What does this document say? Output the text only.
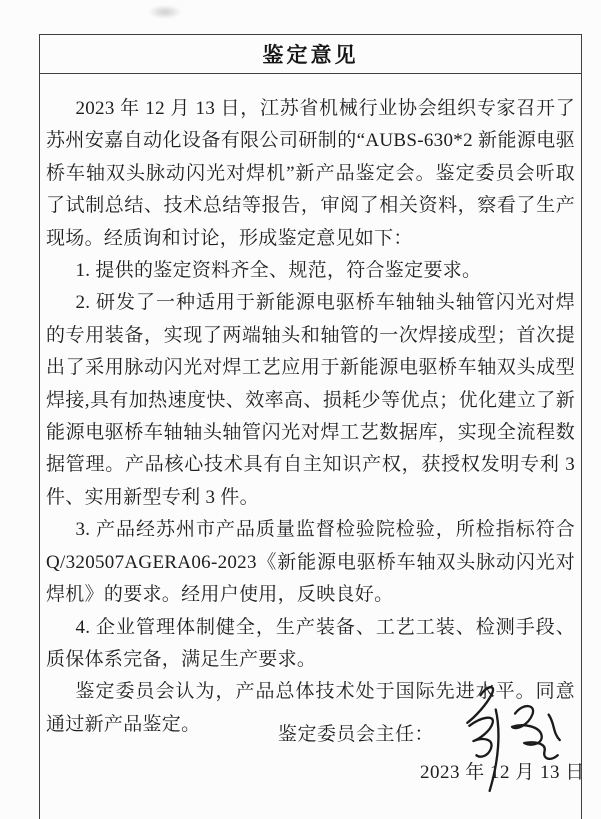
鉴定意见

2023 年 12 月 13 日，江苏省机械行业协会组织专家召开了苏州安嘉自动化设备有限公司研制的“AUBS-630*2 新能源电驱桥车轴双头脉动闪光对焊机”新产品鉴定会。鉴定委员会听取了试制总结、技术总结等报告，审阅了相关资料，察看了生产现场。经质询和讨论，形成鉴定意见如下：

1. 提供的鉴定资料齐全、规范，符合鉴定要求。

2. 研发了一种适用于新能源电驱桥车轴轴头轴管闪光对焊的专用装备，实现了两端轴头和轴管的一次焊接成型；首次提出了采用脉动闪光对焊工艺应用于新能源电驱桥车轴双头成型焊接,具有加热速度快、效率高、损耗少等优点；优化建立了新能源电驱桥车轴轴头轴管闪光对焊工艺数据库，实现全流程数据管理。产品核心技术具有自主知识产权，获授权发明专利 3 件、实用新型专利 3 件。

3. 产品经苏州市产品质量监督检验院检验，所检指标符合 Q/320507AGERA06-2023《新能源电驱桥车轴双头脉动闪光对焊机》的要求。经用户使用，反映良好。

4. 企业管理体制健全，生产装备、工艺工装、检测手段、质保体系完备，满足生产要求。

鉴定委员会认为，产品总体技术处于国际先进水平。同意通过新产品鉴定。	鉴定委员会主任：
2023 年 12 月 13 日
